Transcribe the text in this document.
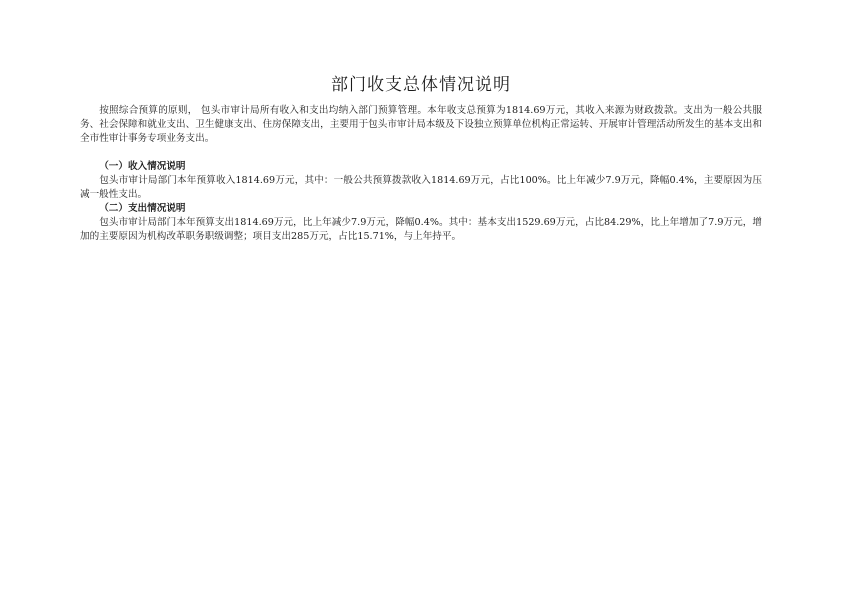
部门收支总体情况说明

按照综合预算的原则， 包头市审计局所有收入和支出均纳入部门预算管理。本年收支总预算为1814.69万元，其收入来源为财政拨款。支出为一般公共服务、社会保障和就业支出、卫生健康支出、住房保障支出，主要用于包头市审计局本级及下设独立预算单位机构正常运转、开展审计管理活动所发生的基本支出和全市性审计事务专项业务支出。

（一）收入情况说明

包头市审计局部门本年预算收入1814.69万元，其中：一般公共预算拨款收入1814.69万元，占比100%。比上年减少7.9万元，降幅0.4%，主要原因为压减一般性支出。

（二）支出情况说明

包头市审计局部门本年预算支出1814.69万元，比上年减少7.9万元，降幅0.4%。其中：基本支出1529.69万元，占比84.29%，比上年增加了7.9万元，增加的主要原因为机构改革职务职级调整；项目支出285万元，占比15.71%，与上年持平。
